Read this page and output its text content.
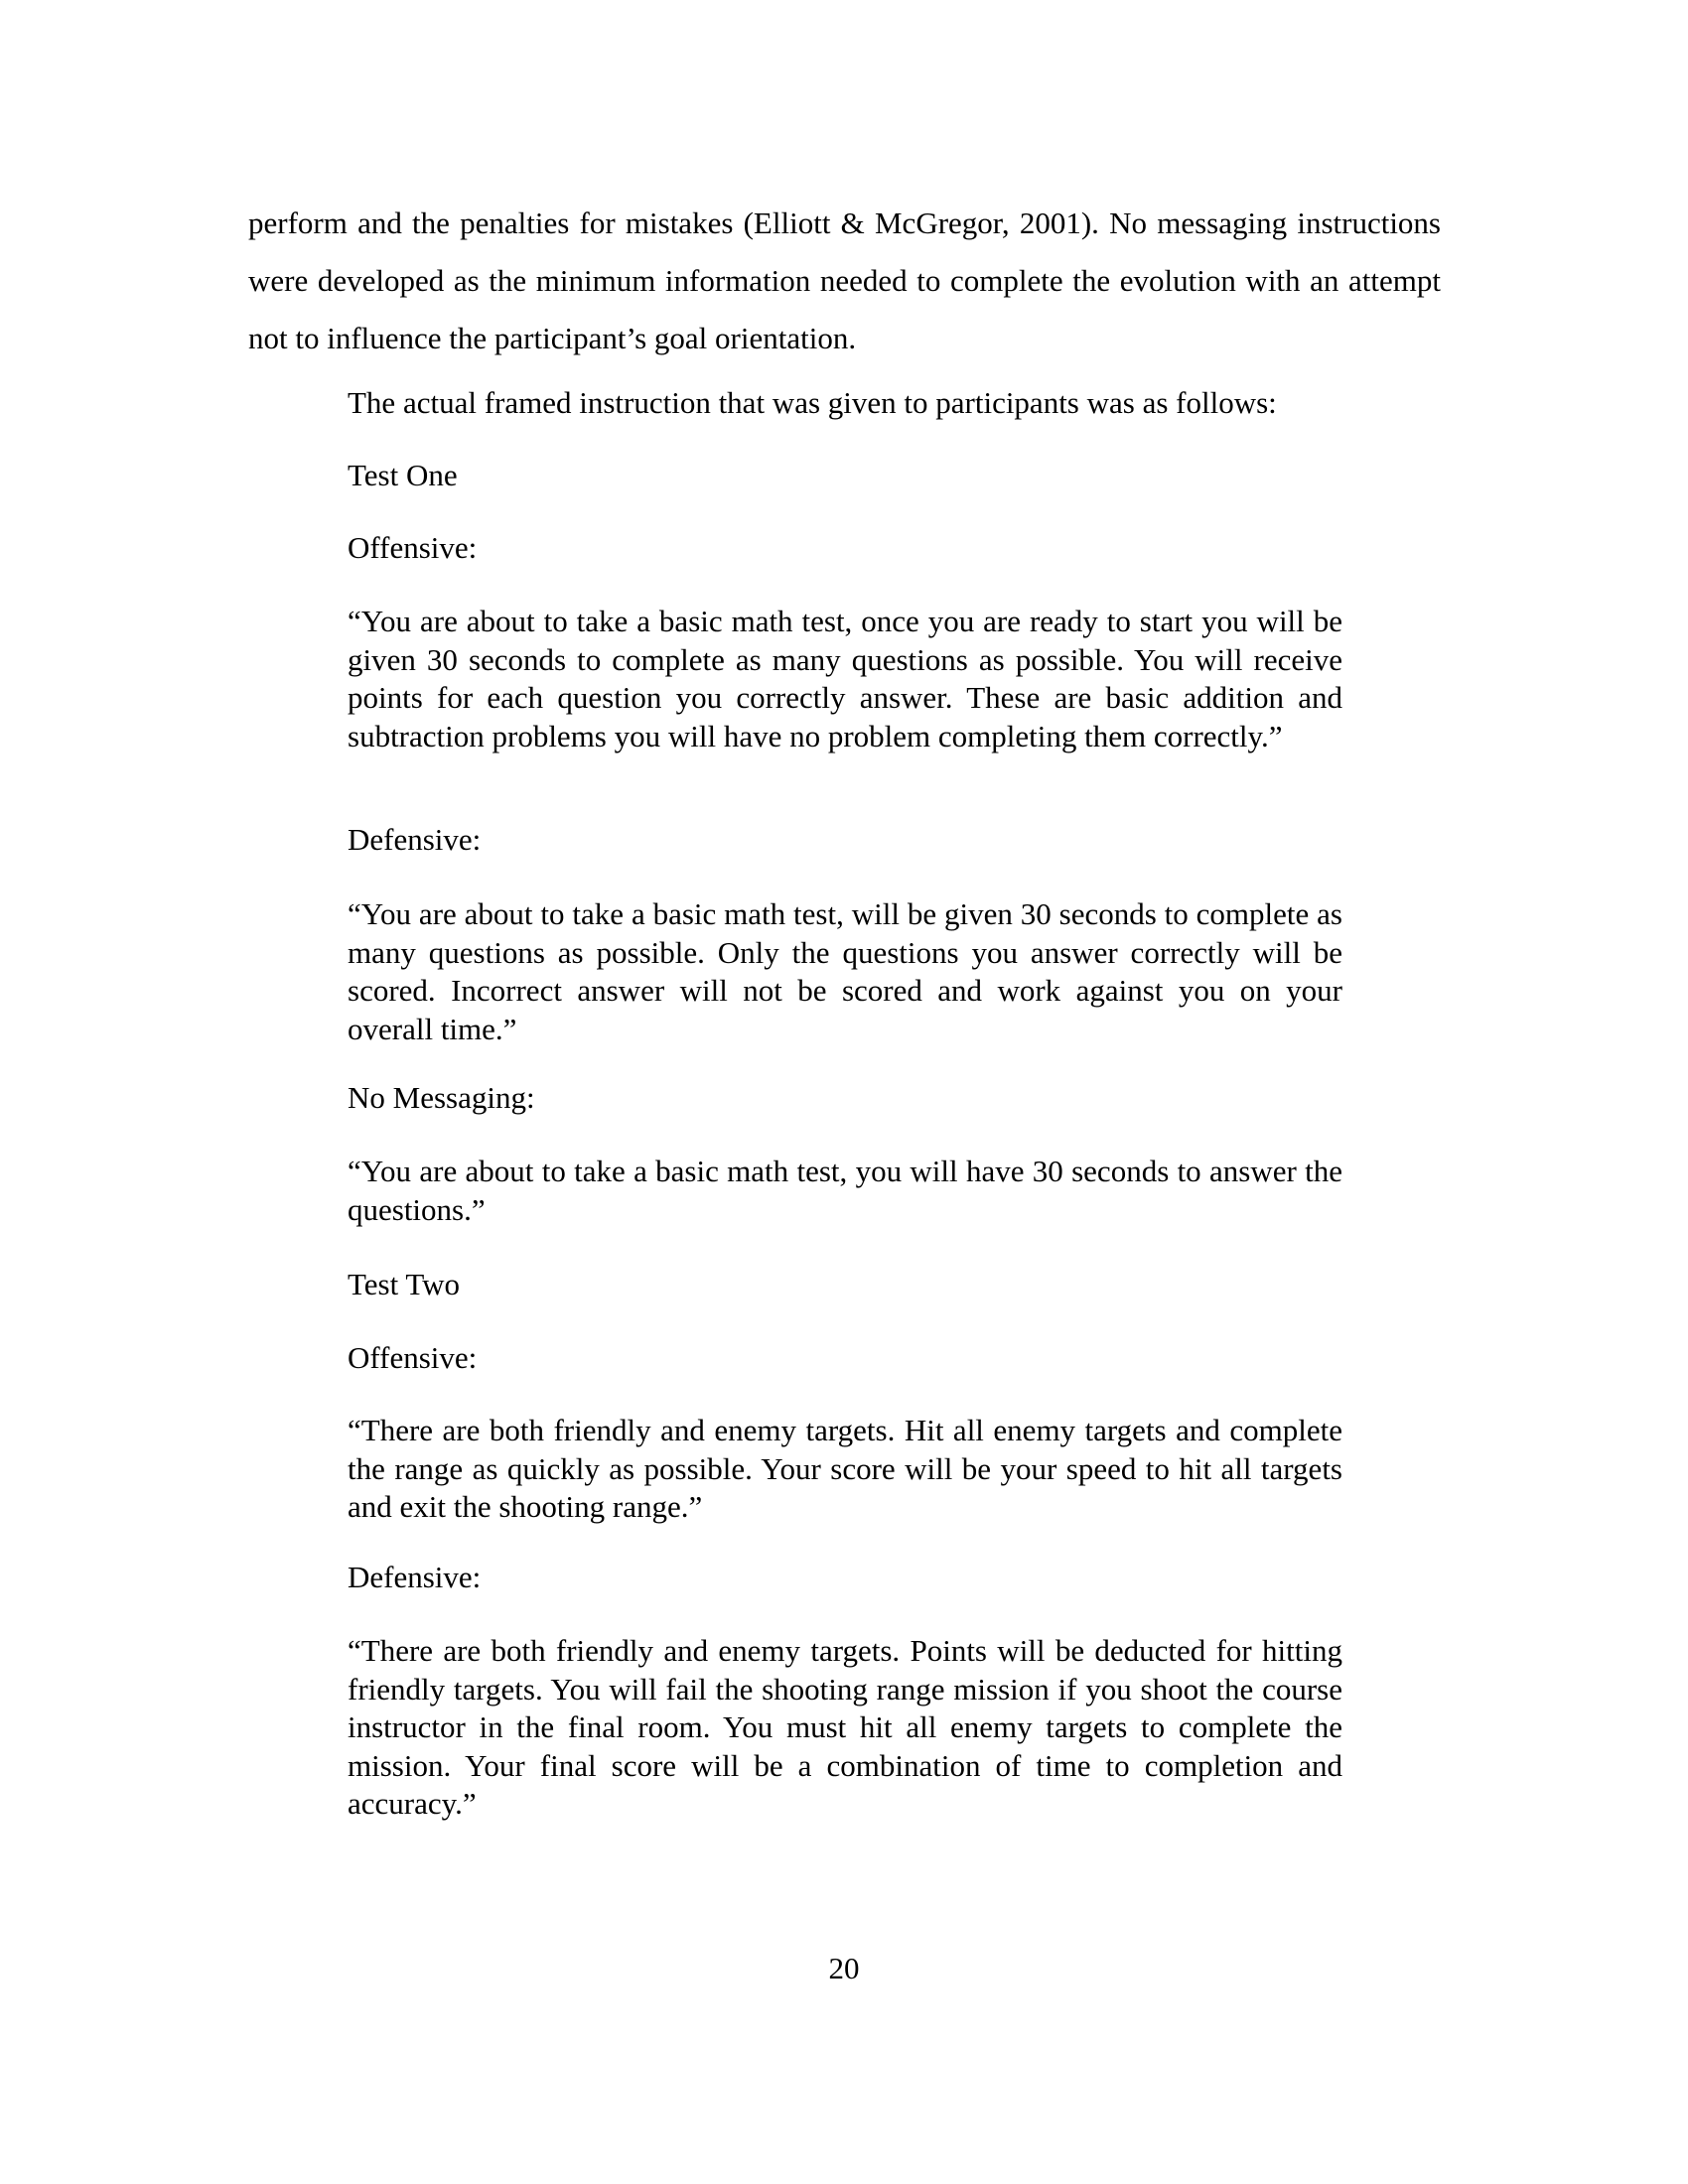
perform and the penalties for mistakes (Elliott & McGregor, 2001). No messaging instructions were developed as the minimum information needed to complete the evolution with an attempt not to influence the participant’s goal orientation.

The actual framed instruction that was given to participants was as follows:

Test One

Offensive:

“You are about to take a basic math test, once you are ready to start you will be given 30 seconds to complete as many questions as possible. You will receive points for each question you correctly answer. These are basic addition and subtraction problems you will have no problem completing them correctly.”

Defensive:

“You are about to take a basic math test, will be given 30 seconds to complete as many questions as possible. Only the questions you answer correctly will be scored. Incorrect answer will not be scored and work against you on your overall time.”

No Messaging:

“You are about to take a basic math test, you will have 30 seconds to answer the questions.”

Test Two

Offensive:

“There are both friendly and enemy targets. Hit all enemy targets and complete the range as quickly as possible. Your score will be your speed to hit all targets and exit the shooting range.”

Defensive:

“There are both friendly and enemy targets. Points will be deducted for hitting friendly targets. You will fail the shooting range mission if you shoot the course instructor in the final room. You must hit all enemy targets to complete the mission. Your final score will be a combination of time to completion and accuracy.”

20
